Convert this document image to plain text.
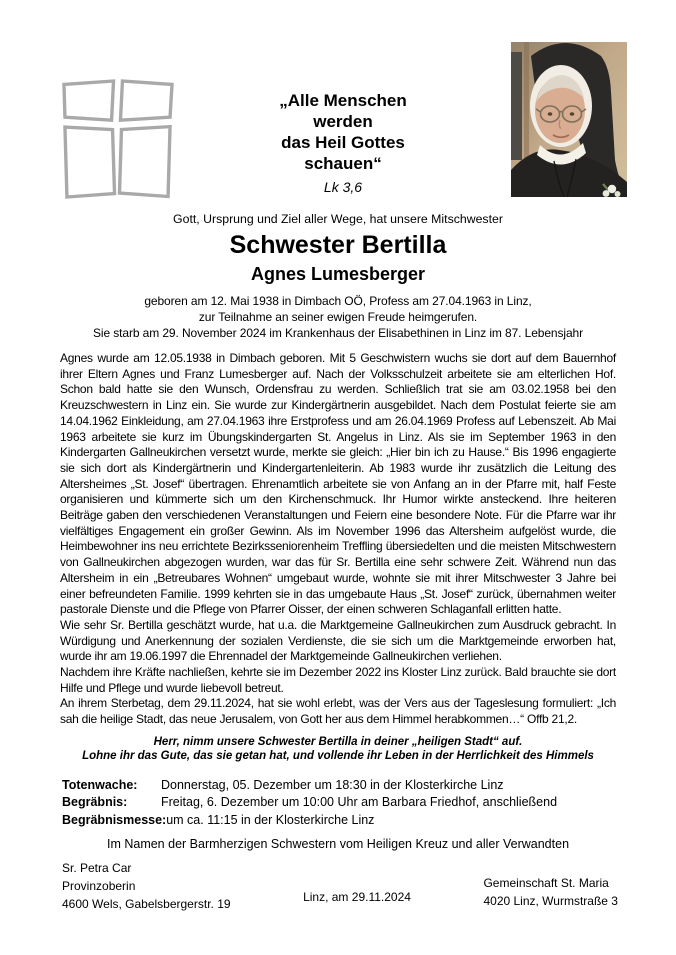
„Alle Menschen
werden
das Heil Gottes
schauen“
Lk 3,6
Gott, Ursprung und Ziel aller Wege, hat unsere Mitschwester
Schwester Bertilla
Agnes Lumesberger
geboren am 12. Mai 1938 in Dimbach OÖ, Profess am 27.04.1963 in Linz,
zur Teilnahme an seiner ewigen Freude heimgerufen.
Sie starb am 29. November 2024 im Krankenhaus der Elisabethinen in Linz im 87. Lebensjahr

Agnes wurde am 12.05.1938 in Dimbach geboren. Mit 5 Geschwistern wuchs sie dort auf dem Bauernhof ihrer Eltern Agnes und Franz Lumesberger auf. Nach der Volksschulzeit arbeitete sie am elterlichen Hof. Schon bald hatte sie den Wunsch, Ordensfrau zu werden. Schließlich trat sie am 03.02.1958 bei den Kreuzschwestern in Linz ein. Sie wurde zur Kindergärtnerin ausgebildet. Nach dem Postulat feierte sie am 14.04.1962 Einkleidung, am 27.04.1963 ihre Erstprofess und am 26.04.1969 Profess auf Lebenszeit. Ab Mai 1963 arbeitete sie kurz im Übungskindergarten St. Angelus in Linz. Als sie im September 1963 in den Kindergarten Gallneukirchen versetzt wurde, merkte sie gleich: „Hier bin ich zu Hause.“ Bis 1996 engagierte sie sich dort als Kindergärtnerin und Kindergartenleiterin. Ab 1983 wurde ihr zusätzlich die Leitung des Altersheimes „St. Josef“ übertragen. Ehrenamtlich arbeitete sie von Anfang an in der Pfarre mit, half Feste organisieren und kümmerte sich um den Kirchenschmuck. Ihr Humor wirkte ansteckend. Ihre heiteren Beiträge gaben den verschiedenen Veranstaltungen und Feiern eine besondere Note. Für die Pfarre war ihr vielfältiges Engagement ein großer Gewinn. Als im November 1996 das Altersheim aufgelöst wurde, die Heimbewohner ins neu errichtete Bezirksseniorenheim Treffling übersiedelten und die meisten Mitschwestern von Gallneukirchen abgezogen wurden, war das für Sr. Bertilla eine sehr schwere Zeit. Während nun das Altersheim in ein „Betreubares Wohnen“ umgebaut wurde, wohnte sie mit ihrer Mitschwester 3 Jahre bei einer befreundeten Familie. 1999 kehrten sie in das umgebaute Haus „St. Josef“ zurück, übernahmen weiter pastorale Dienste und die Pflege von Pfarrer Oisser, der einen schweren Schlaganfall erlitten hatte.

Wie sehr Sr. Bertilla geschätzt wurde, hat u.a. die Marktgemeine Gallneukirchen zum Ausdruck gebracht. In Würdigung und Anerkennung der sozialen Verdienste, die sie sich um die Marktgemeinde erworben hat, wurde ihr am 19.06.1997 die Ehrennadel der Marktgemeinde Gallneukirchen verliehen.

Nachdem ihre Kräfte nachließen, kehrte sie im Dezember 2022 ins Kloster Linz zurück. Bald brauchte sie dort Hilfe und Pflege und wurde liebevoll betreut.

An ihrem Sterbetag, dem 29.11.2024, hat sie wohl erlebt, was der Vers aus der Tageslesung formuliert: „Ich sah die heilige Stadt, das neue Jerusalem, von Gott her aus dem Himmel herabkommen…“ Offb 21,2.

Herr, nimm unsere Schwester Bertilla in deiner „heiligen Stadt“ auf.
Lohne ihr das Gute, das sie getan hat, und vollende ihr Leben in der Herrlichkeit des Himmels
Totenwache:	Donnerstag, 05. Dezember um 18:30 in der Klosterkirche Linz
Begräbnis:	Freitag, 6. Dezember um 10:00 Uhr am Barbara Friedhof, anschließend
Begräbnismesse: um ca. 11:15 in der Klosterkirche Linz
Im Namen der Barmherzigen Schwestern vom Heiligen Kreuz und aller Verwandten
Sr. Petra Car
Provinzoberin
4600 Wels, Gabelsbergerstr. 19	Linz, am 29.11.2024
Gemeinschaft St. Maria
4020 Linz, Wurmstraße 3
